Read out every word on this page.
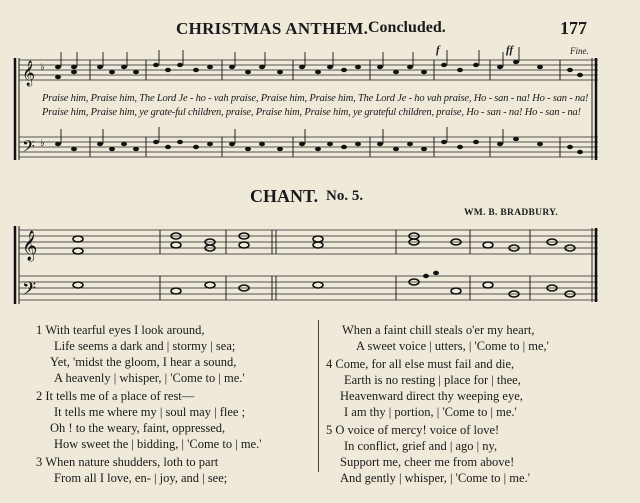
CHRISTMAS ANTHEM. Concluded.	177
𝄞
𝄢
♭
♭
f	ff	Fine.
Praise him, Praise him, The Lord Je - ho - vah praise, Praise him, Praise him, The Lord Je - ho vah praise, Ho - san - na! Ho - san - na!
Praise him, Praise him, ye grate-ful children, praise, Praise him, Praise him, ye grateful children, praise, Ho - san - na! Ho - san - na!
CHANT. No. 5.
WM. B. BRADBURY.
𝄞
𝄢
1 With tearful eyes I look around,
Life seems a dark and | stormy | sea;
Yet, 'midst the gloom, I hear a sound,
A heavenly | whisper, | 'Come to | me.'
2 It tells me of a place of rest—
It tells me where my | soul may | flee ;
Oh ! to the weary, faint, oppressed,
How sweet the | bidding, | 'Come to | me.'
3 When nature shudders, loth to part
From all I love, en- | joy, and | see;
When a faint chill steals o'er my heart,
A sweet voice | utters, | 'Come to | me,'
4 Come, for all else must fail and die,
Earth is no resting | place for | thee,
Heavenward direct thy weeping eye,
I am thy | portion, | 'Come to | me.'
5 O voice of mercy! voice of love!
In conflict, grief and | ago | ny,
Support me, cheer me from above!
And gently | whisper, | 'Come to | me.'
